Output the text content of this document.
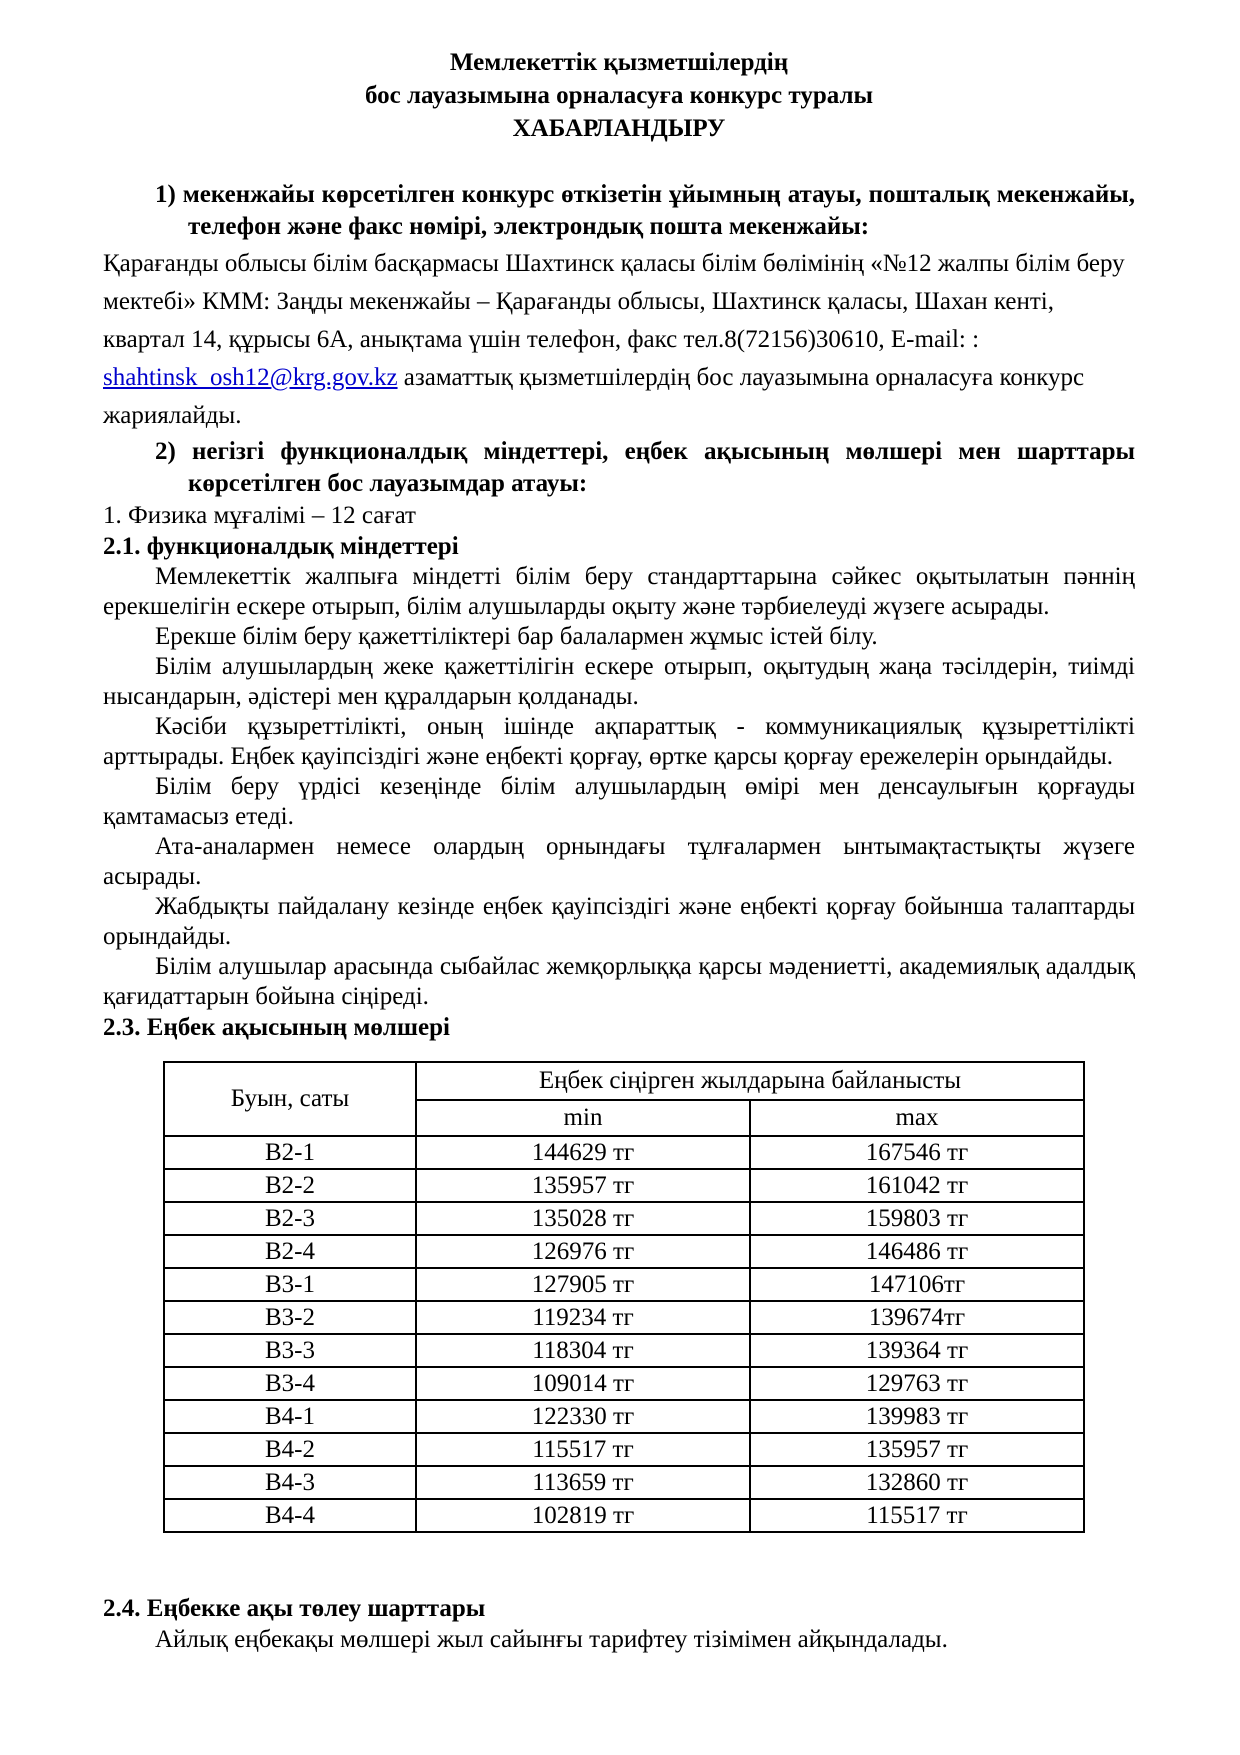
Мемлекеттік қызметшілердің
бос лауазымына орналасуға конкурс туралы
ХАБАРЛАНДЫРУ
1) мекенжайы көрсетілген конкурс өткізетін ұйымның атауы, пошталық мекенжайы, телефон және факс нөмірі, электрондық пошта мекенжайы:
Қарағанды облысы білім басқармасы Шахтинск қаласы білім бөлімінің «№12 жалпы білім беру мектебі» КММ: Заңды мекенжайы – Қарағанды облысы, Шахтинск қаласы, Шахан кенті, квартал 14, құрысы 6А, анықтама үшін телефон, факс тел.8(72156)30610, E-mail: : shahtinsk_osh12@krg.gov.kz азаматтық қызметшілердің бос лауазымына орналасуға конкурс жариялайды.
2) негізгі функционалдық міндеттері, еңбек ақысының мөлшері мен шарттары көрсетілген бос лауазымдар атауы:
1. Физика мұғалімі – 12 сағат
2.1. функционалдық міндеттері

Мемлекеттік жалпыға міндетті білім беру стандарттарына сәйкес оқытылатын пәннің ерекшелігін ескере отырып, білім алушыларды оқыту және тәрбиелеуді жүзеге асырады.

Ерекше білім беру қажеттіліктері бар балалармен жұмыс істей білу.

Білім алушылардың жеке қажеттілігін ескере отырып, оқытудың жаңа тәсілдерін, тиімді нысандарын, әдістері мен құралдарын қолданады.

Кәсіби құзыреттілікті, оның ішінде ақпараттық - коммуникациялық құзыреттілікті арттырады. Еңбек қауіпсіздігі және еңбекті қорғау, өртке қарсы қорғау ережелерін орындайды.

Білім беру үрдісі кезеңінде білім алушылардың өмірі мен денсаулығын қорғауды қамтамасыз етеді.

Ата-аналармен немесе олардың орнындағы тұлғалармен ынтымақтастықты жүзеге асырады.

Жабдықты пайдалану кезінде еңбек қауіпсіздігі және еңбекті қорғау бойынша талаптарды орындайды.

Білім алушылар арасында сыбайлас жемқорлыққа қарсы мәдениетті, академиялық адалдық қағидаттарын бойына сіңіреді.

2.3. Еңбек ақысының мөлшері
Буын, саты	Еңбек сіңірген жылдарына байланысты	
	min	max
В2-1	144629 тг	167546 тг
В2-2	135957 тг	161042 тг
В2-3	135028 тг	159803 тг
В2-4	126976 тг	146486 тг
В3-1	127905 тг	147106тг
В3-2	119234 тг	139674тг
В3-3	118304 тг	139364 тг
В3-4	109014 тг	129763 тг
В4-1	122330 тг	139983 тг
В4-2	115517 тг	135957 тг
В4-3	113659 тг	132860 тг
В4-4	102819 тг	115517 тг
2.4. Еңбекке ақы төлеу шарттары
Айлық еңбекақы мөлшері жыл сайынғы тарифтеу тізімімен айқындалады.
